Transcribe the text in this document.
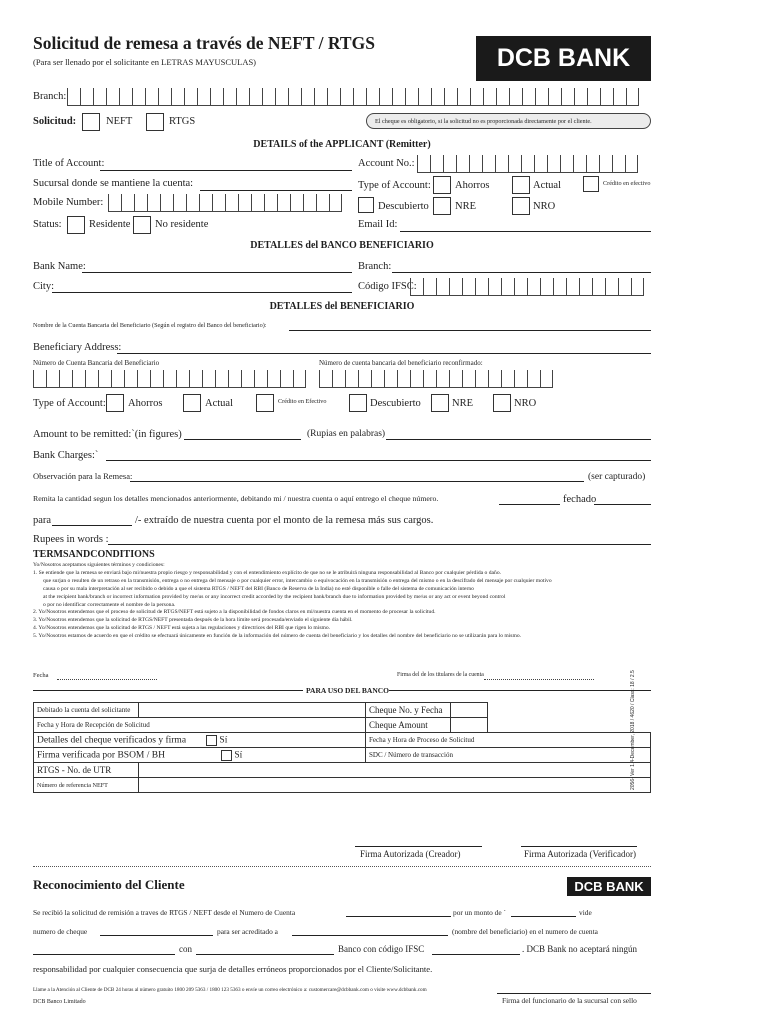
Solicitud de remesa a través de NEFT / RTGS
(Para ser llenado por el solicitante en LETRAS MAYUSCULAS)	DCB BANK
Branch:
Solicitud:	NEFT	RTGS	El cheque es obligatorio, si la solicitud no es proporcionada directamente por el cliente.
DETAILS of the APPLICANT (Remitter)
Title of Account:	Account No.:
Sucursal donde se mantiene la cuenta:	Type of Account: Ahorros	Actual	Crédito en efectivo
Mobile Number:	Descubierto	NRE	NRO
Status:	Residente No residente	Email Id:
DETALLES del BANCO BENEFICIARIO
Bank Name:	Branch:
City:	Código IFSC:
DETALLES del BENEFICIARIO
Nombre de la Cuenta Bancaria del Beneficiario (Según el registro del Banco del beneficiario):
Beneficiary Address:
Número de Cuenta Bancaria del Beneficiario	Número de cuenta bancaria del beneficiario reconfirmado:
Type of Account: Ahorros	Actual	Crédito en Efectivo	Descubierto	NRE	NRO
Amount to be remitted:`(in figures)	(Rupias en palabras)
Bank Charges:`
Observación para la Remesa:	(ser capturado)
Remita la cantidad segun los detalles mencionados anteriormente, debitando mi / nuestra cuenta o aquí entrego el cheque número.	fechado
para	/- extraído de nuestra cuenta por el monto de la remesa más sus cargos.
Rupees in words :
TERMSANDCONDITIONS
Yo/Nosotros aceptamos siguientes términos y condiciones:
1. Se entiende que la remesa se enviará bajo mi/nuestra propio riesgo y responsabilidad y con el entendimiento explícito de que no se le atribuirá ninguna responsabilidad al Banco por cualquier pérdida o daño.
que surjan o resulten de un retraso en la transmisión, entrega o no entrega del mensaje o por cualquier error, intercambio o equivocación en la transmisión o entrega del mismo o en la descifrado del mensaje por cualquier motivo
causa o por su mala interpretación al ser recibido o debido a que el sistema RTGS / NEFT del RBI (Banco de Reserva de la India) no esté disponible o falle del sistema de comunicación interno
at the recipient bank/branch or incorrect information provided by me/us or any incorrect credit accorded by the recipient bank/branch due to information provided by me/us or any act or event beyond control
o por no identificar correctamente el nombre de la persona.
2. Yo/Nosotros entendemos que el proceso de solicitud de RTGS/NEFT está sujeto a la disponibilidad de fondos claros en mi/nuestra cuenta en el momento de procesar la solicitud.
3. Yo/Nosotros entendemos que la solicitud de RTGS/NEFT presentada después de la hora límite será procesada/enviado el siguiente día hábil.
4. Yo/Nosotros entendemos que la solicitud de RTGS / NEFT está sujeta a las regulaciones y directrices del RBI que rigen lo mismo.
5. Yo/Nosotros estamos de acuerdo en que el crédito se efectuará únicamente en función de la información del número de cuenta del beneficiario y los detalles del nombre del beneficiario no se utilizarán para lo mismo.
Fecha	Firma del de los titulares de la cuenta
PARA USO DEL BANCO
Debitado la cuenta del solicitante		Cheque No. y Fecha		
Fecha y Hora de Recepción de Solicitud		Cheque Amount		
Detalles del cheque verificados y firma Sí		Fecha y Hora de Proceso de Solicitud		
Firma verificada por BSOM / BH Sí		SDC / Número de transacción		
RTGS - No. de UTR				
Número de referencia NEFT					2056- Ver 1.4-December, 2018 / 4620 / Class: 18 / 2.5
Firma Autorizada (Creador)	Firma Autorizada (Verificador)
Reconocimiento del Cliente	DCB BANK
Se recibió la solicitud de remisión a traves de RTGS / NEFT desde el Numero de Cuenta	por un monto de `	vide
numero de cheque	para ser acreditado a	(nombre del beneficiario) en el numero de cuenta
con	Banco con código IFSC	. DCB Bank no aceptará ningún
responsabilidad por cualquier consecuencia que surja de detalles erróneos proporcionados por el Cliente/Solicitante.
Llame a la Atención al Cliente de DCB 24 horas al número gratuito 1800 209 5363 / 1800 123 5363 o envíe un correo electrónico a: customercare@dcbbank.com o visite www.dcbbank.com
DCB Banco Limitado	Firma del funcionario de la sucursal con sello
